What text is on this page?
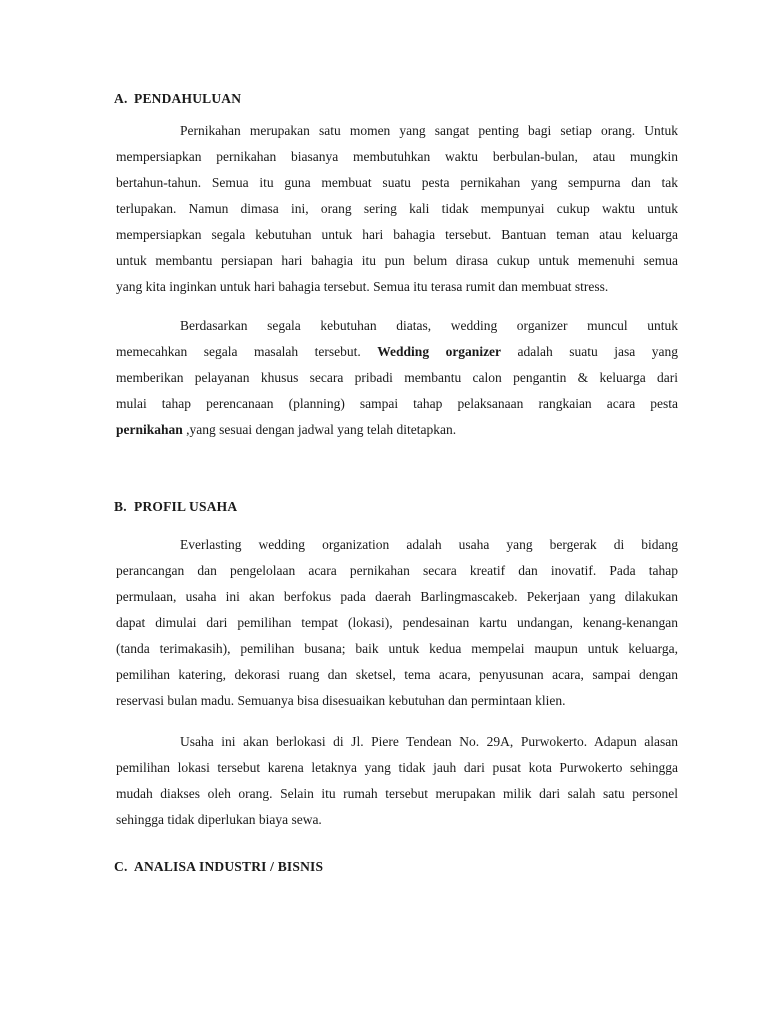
A. PENDAHULUAN
Pernikahan merupakan satu momen yang sangat penting bagi setiap orang. Untuk
mempersiapkan pernikahan biasanya membutuhkan waktu berbulan-bulan, atau mungkin
bertahun-tahun. Semua itu guna membuat suatu pesta pernikahan yang sempurna dan tak
terlupakan. Namun dimasa ini, orang sering kali tidak mempunyai cukup waktu untuk
mempersiapkan segala kebutuhan untuk hari bahagia tersebut. Bantuan teman atau keluarga
untuk membantu persiapan hari bahagia itu pun belum dirasa cukup untuk memenuhi semua
yang kita inginkan untuk hari bahagia tersebut. Semua itu terasa rumit dan membuat stress.
Berdasarkan segala kebutuhan diatas, wedding organizer muncul untuk
memecahkan segala masalah tersebut. Wedding organizer adalah suatu jasa yang
memberikan pelayanan khusus secara pribadi membantu calon pengantin & keluarga dari
mulai tahap perencanaan (planning) sampai tahap pelaksanaan rangkaian acara pesta
pernikahan ,yang sesuai dengan jadwal yang telah ditetapkan.
B. PROFIL USAHA
Everlasting wedding organization adalah usaha yang bergerak di bidang
perancangan dan pengelolaan acara pernikahan secara kreatif dan inovatif. Pada tahap
permulaan, usaha ini akan berfokus pada daerah Barlingmascakeb. Pekerjaan yang dilakukan
dapat dimulai dari pemilihan tempat (lokasi), pendesainan kartu undangan, kenang-kenangan
(tanda terimakasih), pemilihan busana; baik untuk kedua mempelai maupun untuk keluarga,
pemilihan katering, dekorasi ruang dan sketsel, tema acara, penyusunan acara, sampai dengan
reservasi bulan madu. Semuanya bisa disesuaikan kebutuhan dan permintaan klien.
Usaha ini akan berlokasi di Jl. Piere Tendean No. 29A, Purwokerto. Adapun alasan
pemilihan lokasi tersebut karena letaknya yang tidak jauh dari pusat kota Purwokerto sehingga
mudah diakses oleh orang. Selain itu rumah tersebut merupakan milik dari salah satu personel
sehingga tidak diperlukan biaya sewa.
C. ANALISA INDUSTRI / BISNIS
